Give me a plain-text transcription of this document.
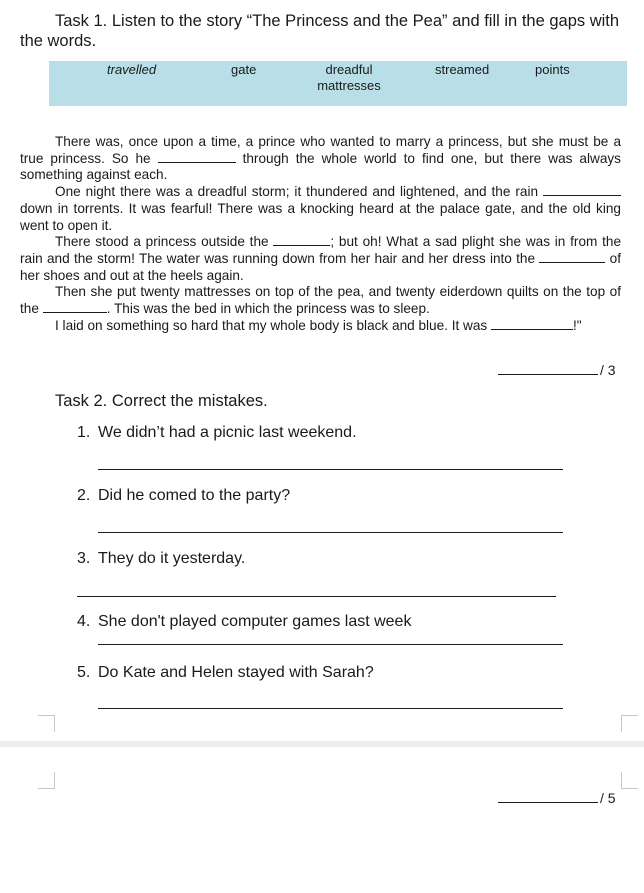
Task 1. Listen to the story “The Princess and the Pea” and fill in the gaps with the words.
travelled	gate	dreadful mattresses
streamed	points

There was, once upon a time, a prince who wanted to marry a princess, but she must be a true princess. So he	through the whole world to find one, but there was always something against each.

One night there was a dreadful storm; it thundered and lightened, and the rain  down in torrents. It was fearful! There was a knocking heard at the palace gate, and the old king went to open it.

There stood a princess outside the	; but oh! What a sad plight she was in from the rain and the storm! The water was running down from her hair and her dress into the	of her shoes and out at the heels again.

Then she put twenty mattresses on top of the pea, and twenty eiderdown quilts on the top of the	. This was the bed in which the princess was to sleep.

I laid on something so hard that my whole body is black and blue. It was	!"

/ 3
Task 2. Correct the mistakes.
1. We didn’t had a picnic last weekend.
2. Did he comed to the party?
3. They do it yesterday.
4. She don't played computer games last week
5. Do Kate and Helen stayed with Sarah?
/ 5
